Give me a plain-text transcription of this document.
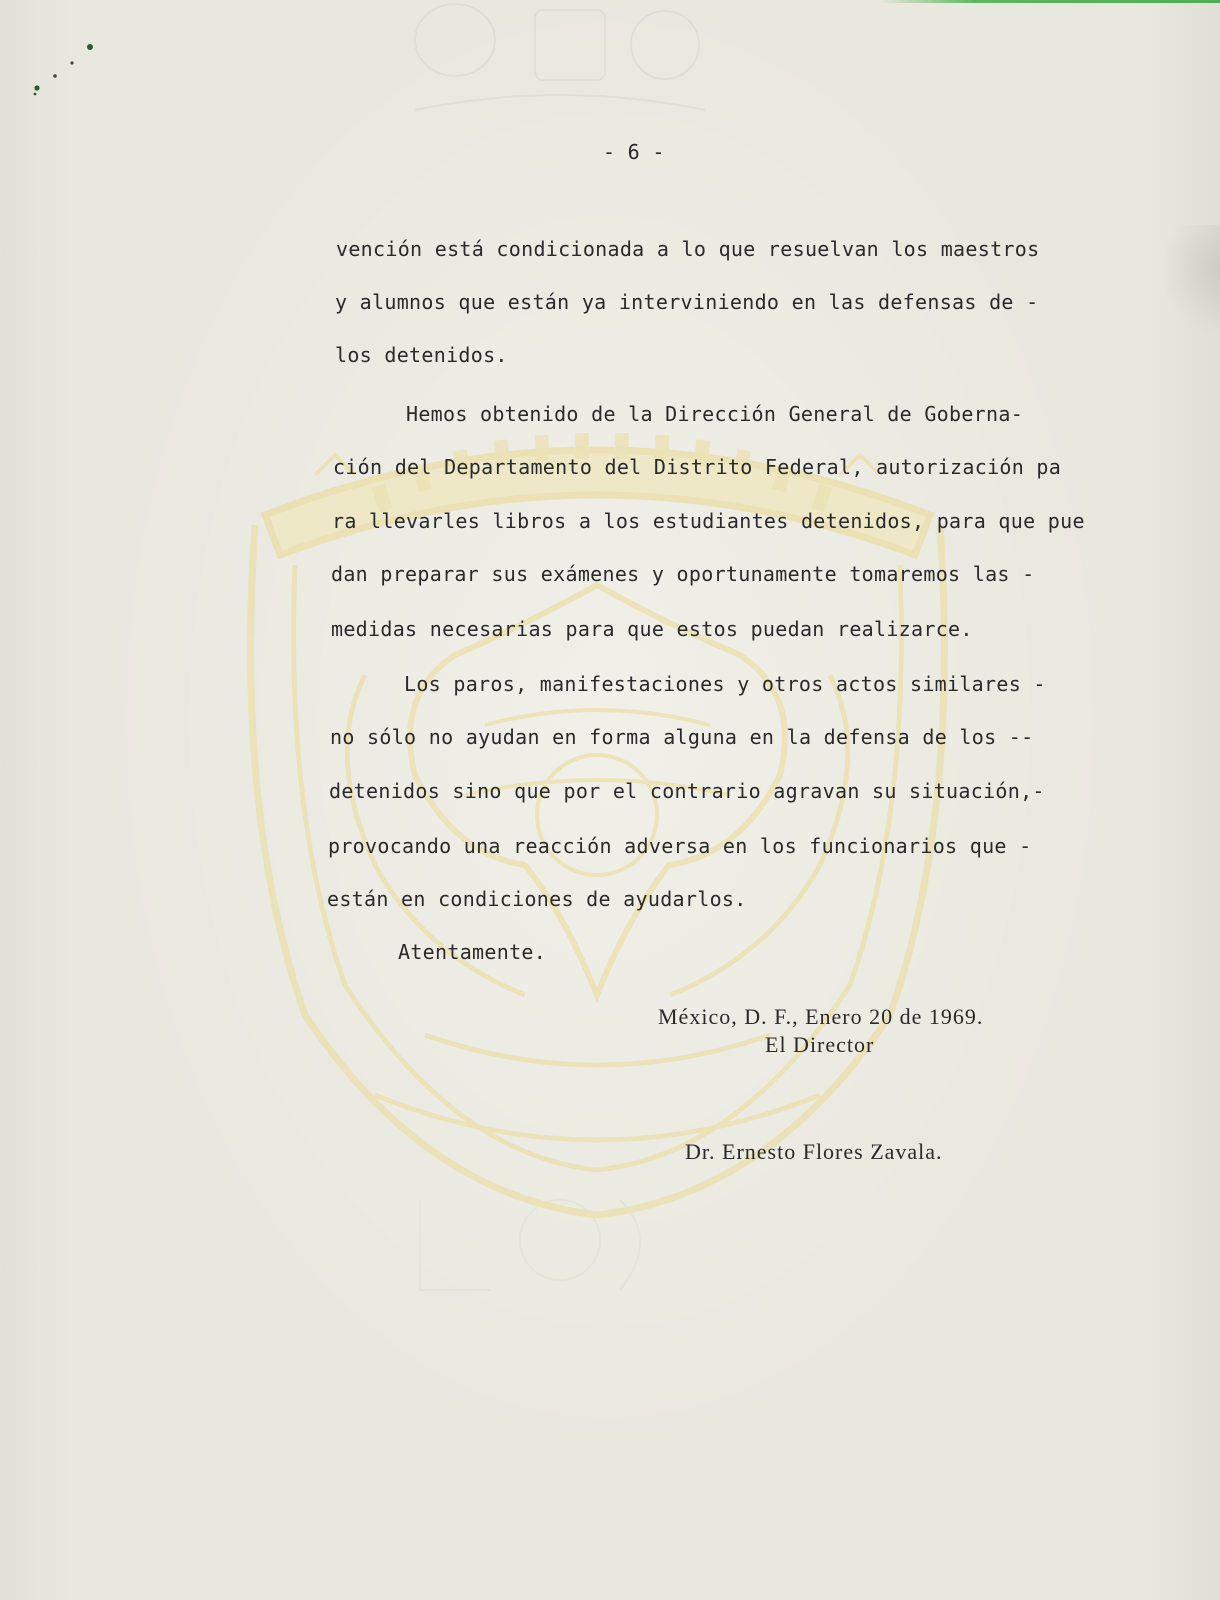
- 6 -

vención está condicionada a lo que resuelvan los maestros

y alumnos que están ya interviniendo en las defensas de -

los detenidos.

Hemos obtenido de la Dirección General de Goberna-

ción del Departamento del Distrito Federal, autorización pa

ra llevarles libros a los estudiantes detenidos, para que pue

dan preparar sus exámenes y oportunamente tomaremos las -

medidas necesarias para que estos puedan realizarce.

Los paros, manifestaciones y otros actos similares -

no sólo no ayudan en forma alguna en la defensa de los --

detenidos sino que por el contrario agravan su situación,-

provocando una reacción adversa en los funcionarios que -

están en condiciones de ayudarlos.

Atentamente.

México, D. F., Enero 20 de 1969.

El Director

Dr. Ernesto Flores Zavala.
